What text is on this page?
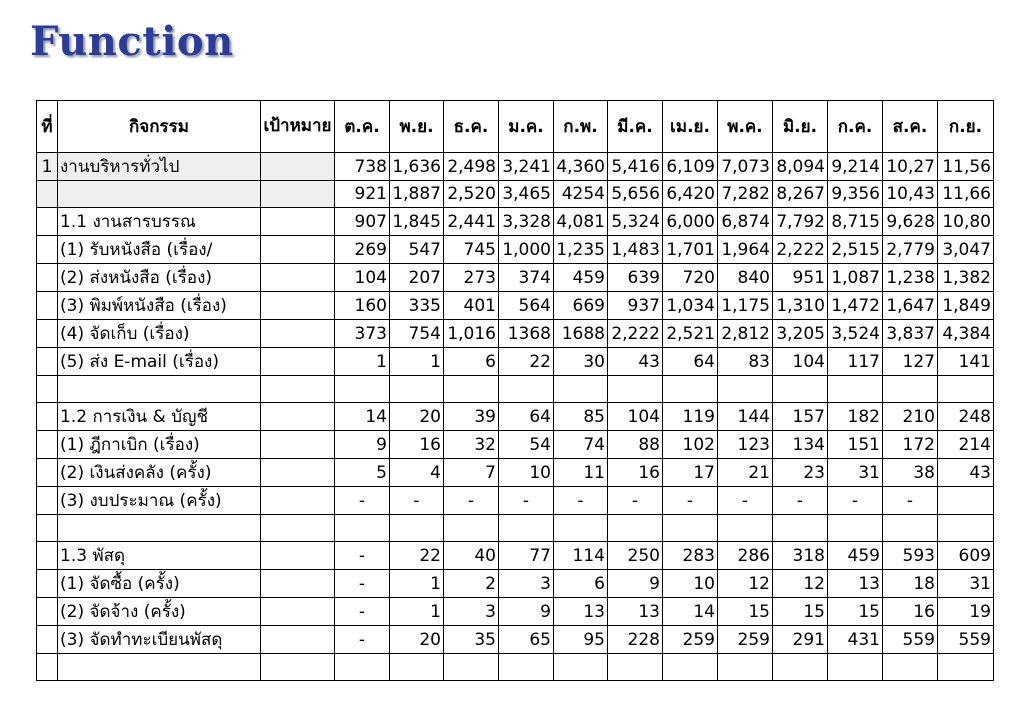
Function
ที่	กิจกรรม	เป้าหมาย	ต.ค.	พ.ย.	ธ.ค.	ม.ค.	ก.พ.	มี.ค.	เม.ย.	พ.ค.	มิ.ย.	ก.ค.	ส.ค.	ก.ย.
1	งานบริหารทั่วไป		738	1,636	2,498	3,241	4,360	5,416	6,109	7,073	8,094	9,214	10,27	11,56
			921	1,887	2,520	3,465	4254	5,656	6,420	7,282	8,267	9,356	10,43	11,66
	1.1 งานสารบรรณ		907	1,845	2,441	3,328	4,081	5,324	6,000	6,874	7,792	8,715	9,628	10,80
	(1) รับหนังสือ (เรื่อง/		269	547	745	1,000	1,235	1,483	1,701	1,964	2,222	2,515	2,779	3,047
	(2) ส่งหนังสือ (เรื่อง)		104	207	273	374	459	639	720	840	951	1,087	1,238	1,382
	(3) พิมพ์หนังสือ (เรื่อง)		160	335	401	564	669	937	1,034	1,175	1,310	1,472	1,647	1,849
	(4) จัดเก็บ (เรื่อง)		373	754	1,016	1368	1688	2,222	2,521	2,812	3,205	3,524	3,837	4,384
	(5) ส่ง E-mail (เรื่อง)		1	1	6	22	30	43	64	83	104	117	127	141

	1.2 การเงิน & บัญชี		14	20	39	64	85	104	119	144	157	182	210	248
	(1) ฎีกาเบิก (เรื่อง)		9	16	32	54	74	88	102	123	134	151	172	214
	(2) เงินส่งคลัง (ครั้ง)		5	4	7	10	11	16	17	21	23	31	38	43
	(3) งบประมาณ (ครั้ง)		-	-	-	-	-	-	-	-	-	-	-	

	1.3 พัสดุ		-	22	40	77	114	250	283	286	318	459	593	609
	(1) จัดซื้อ (ครั้ง)		-	1	2	3	6	9	10	12	12	13	18	31
	(2) จัดจ้าง (ครั้ง)		-	1	3	9	13	13	14	15	15	15	16	19
	(3) จัดทำทะเบียนพัสดุ		-	20	35	65	95	228	259	259	291	431	559	559
